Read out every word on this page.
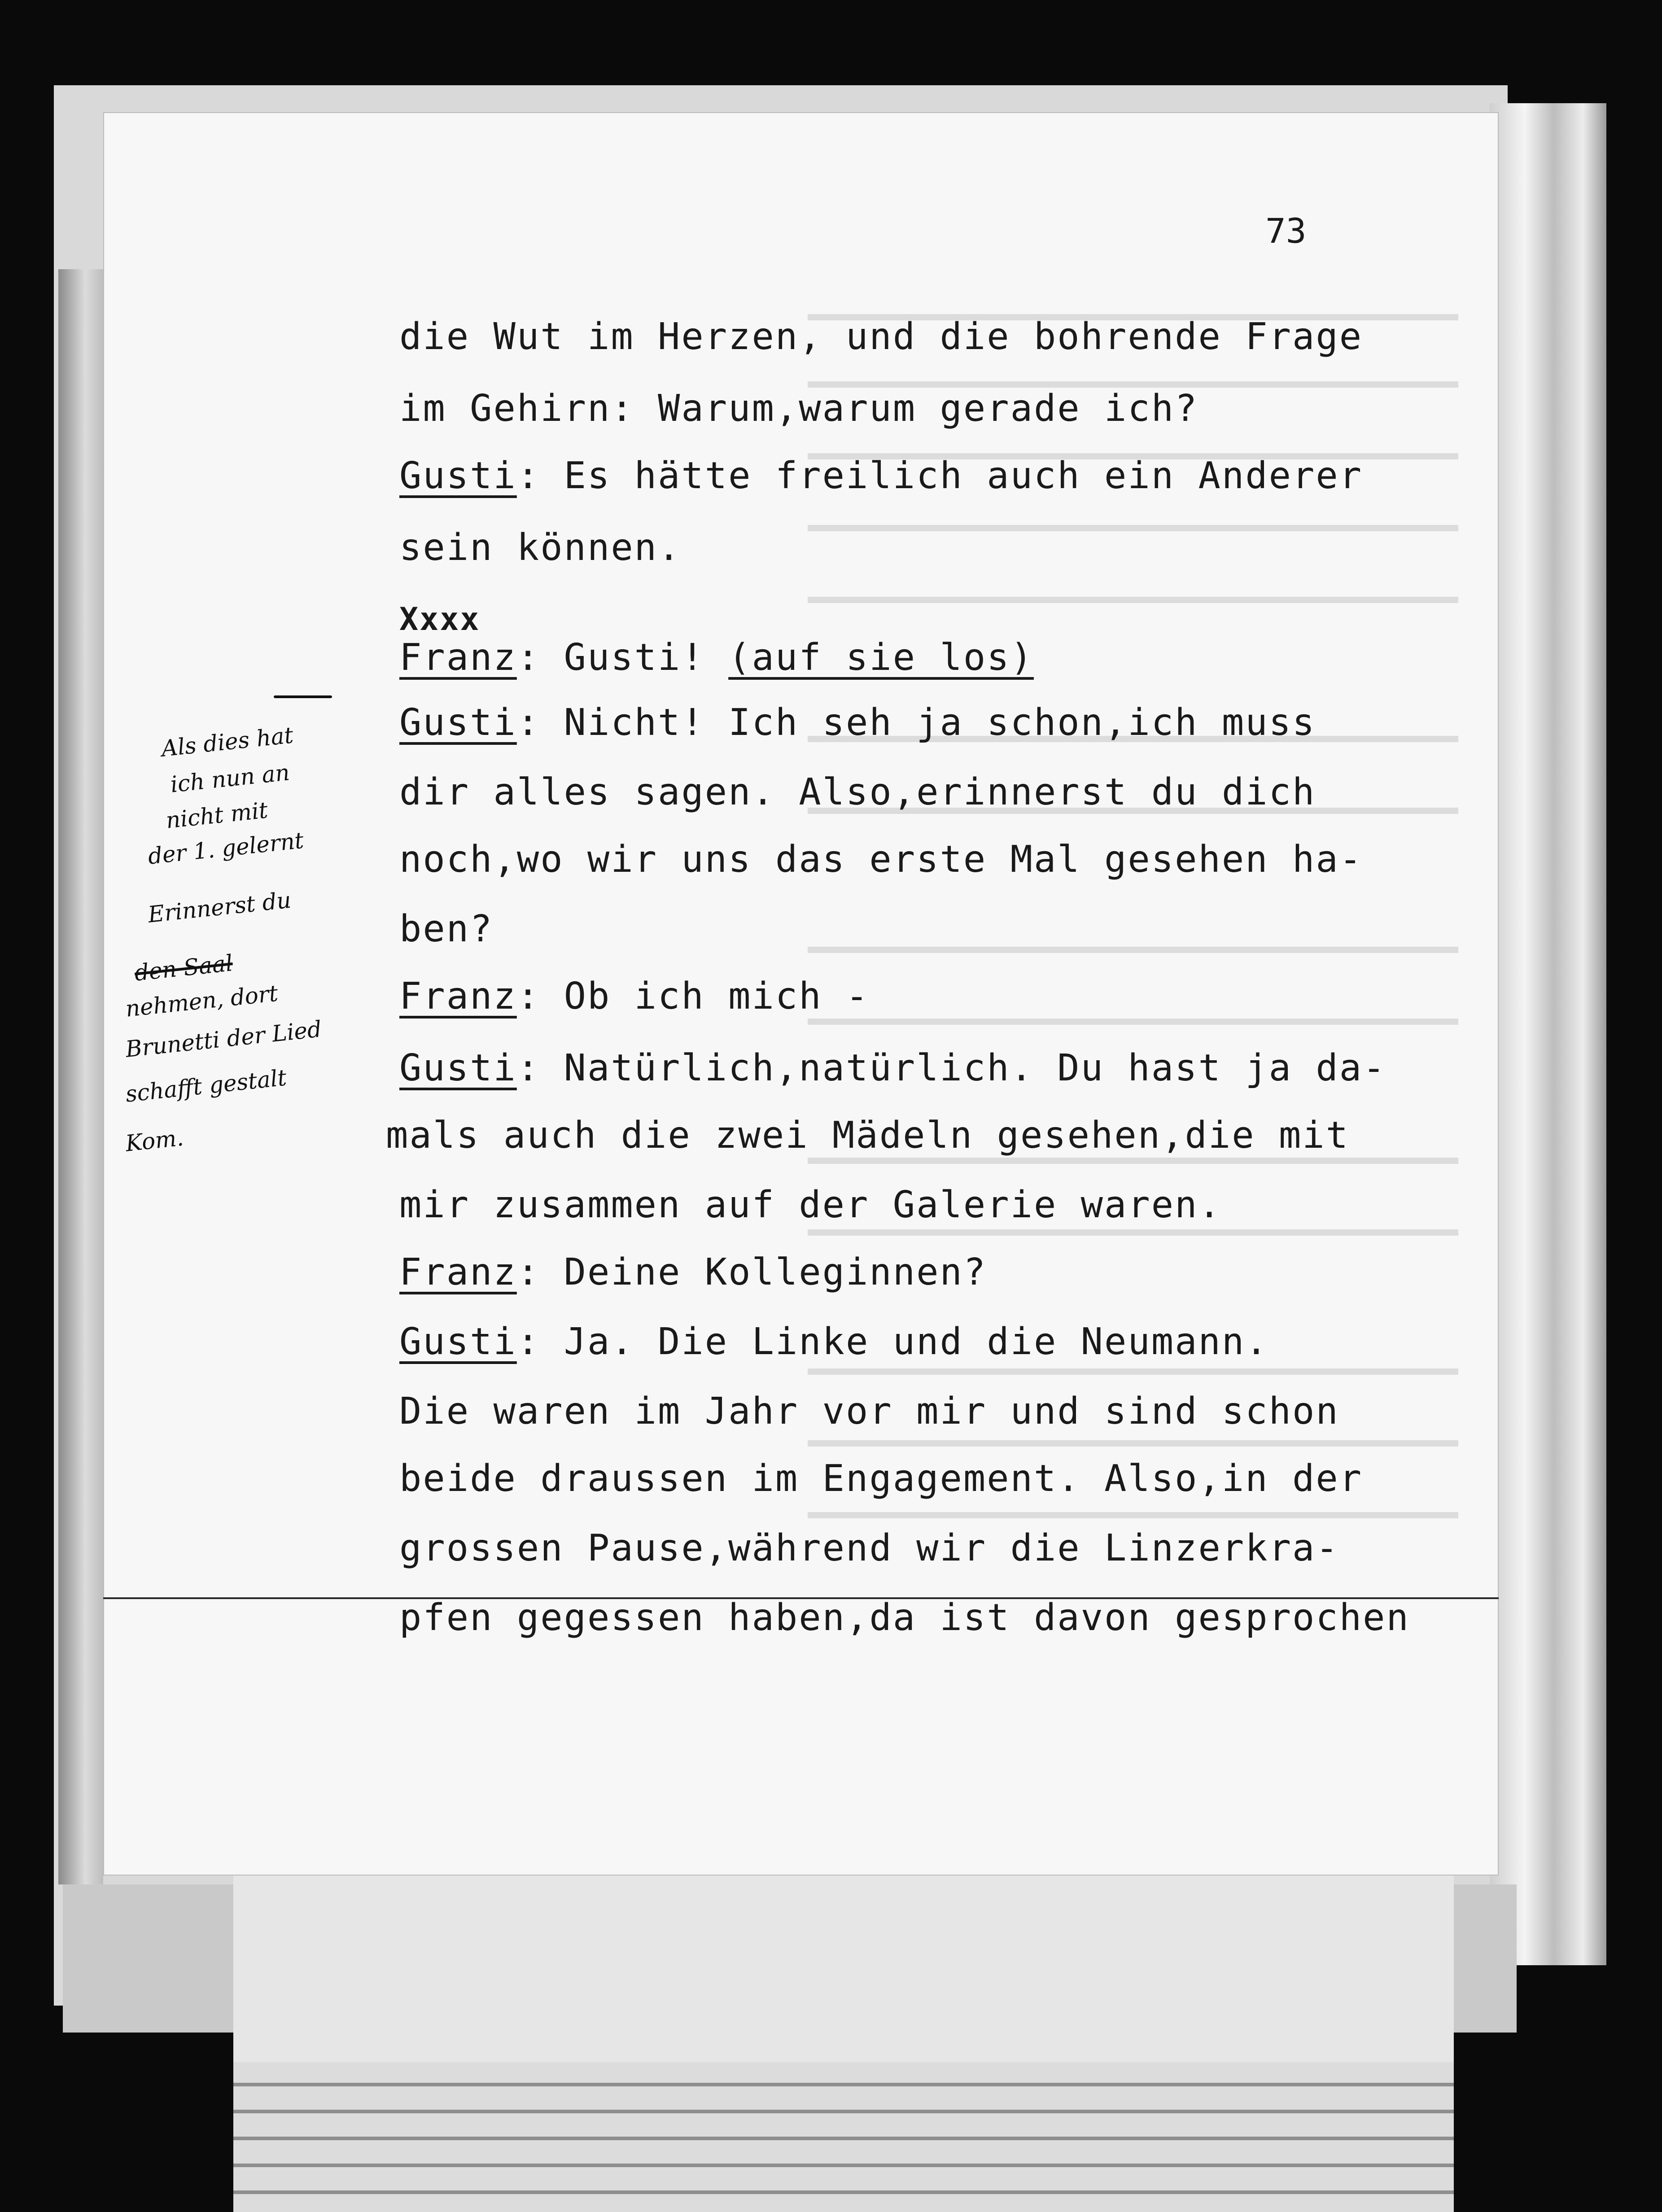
73
die Wut im Herzen, und die bohrende Frage
im Gehirn: Warum,warum gerade ich?
Gusti: Es hätte freilich auch ein Anderer
sein können.
Xxxx
Franz: Gusti! (auf sie los)
Gusti: Nicht! Ich seh ja schon,ich muss
dir alles sagen. Also,erinnerst du dich
noch,wo wir uns das erste Mal gesehen ha-
ben?
Franz: Ob ich mich -
Gusti: Natürlich,natürlich. Du hast ja da-
mals auch die zwei Mädeln gesehen,die mit
mir zusammen auf der Galerie waren.
Franz: Deine Kolleginnen?
Gusti: Ja. Die Linke und die Neumann.
Die waren im Jahr vor mir und sind schon
beide draussen im Engagement. Also,in der
grossen Pause,während wir die Linzerkra-
pfen gegessen haben,da ist davon gesprochen
Als dies hat
ich nun an
nicht mit
der 1. gelernt
Erinnerst du
den Saal
nehmen, dort
Brunetti der Lied
schafft gestalt
Kom.
